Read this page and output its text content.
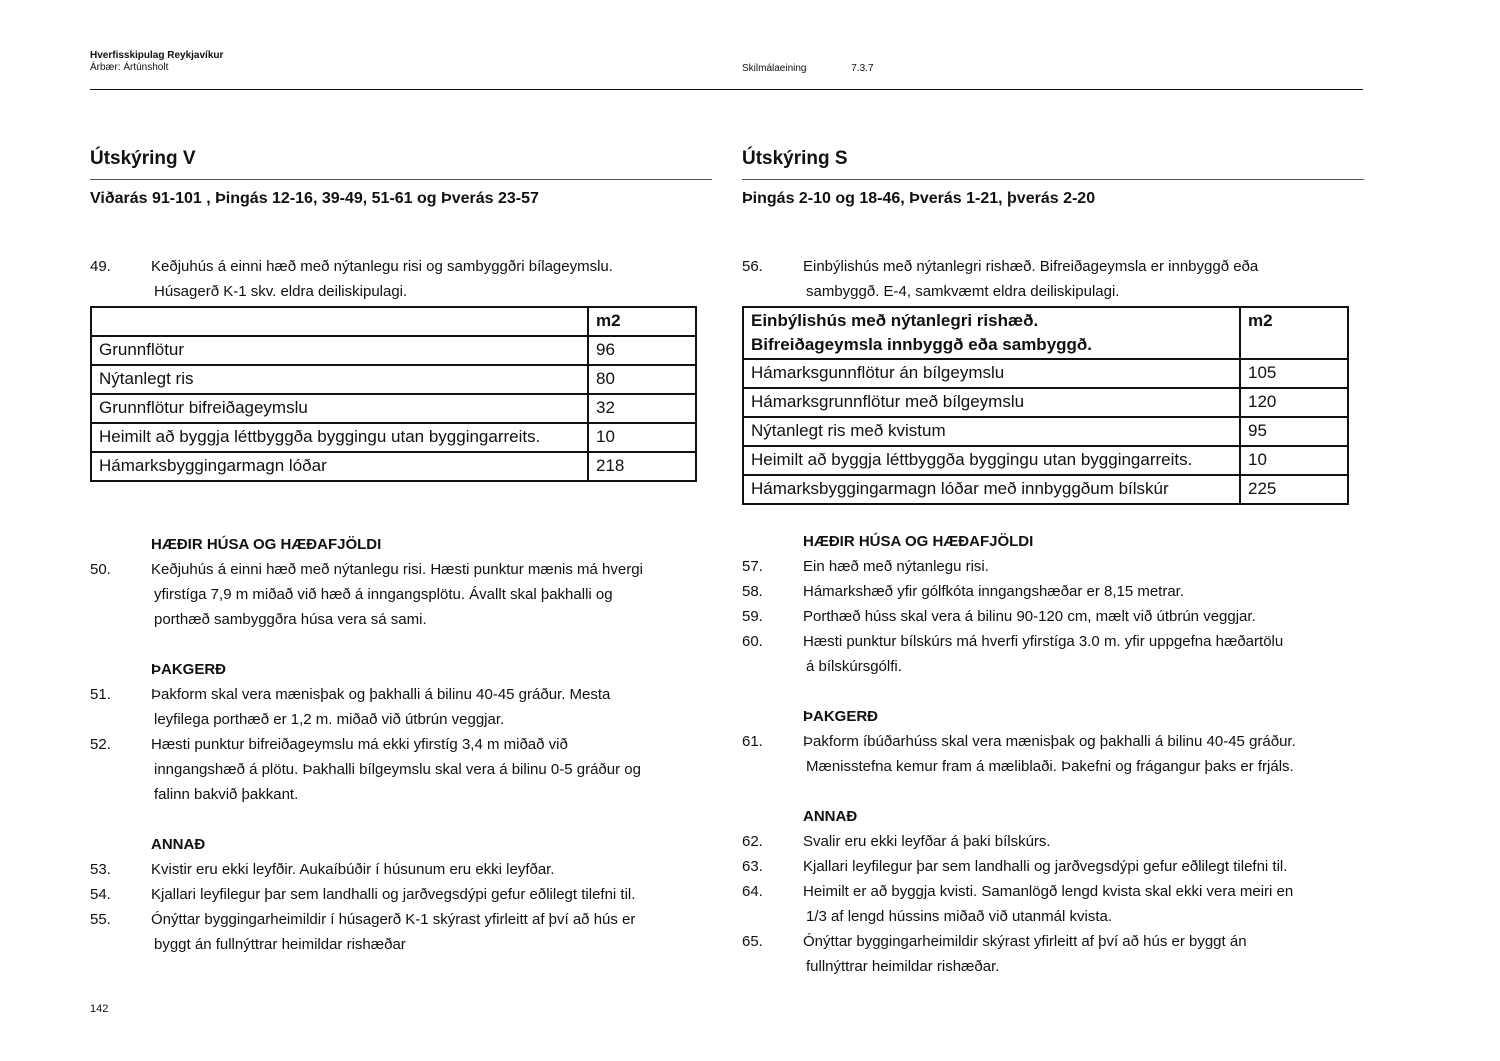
Hverfisskipulag Reykjavíkur
Árbær: Ártúnsholt	Skilmálaeining	7.3.7
Útskýring V
Viðarás 91-101 , Þingás 12-16, 39-49, 51-61 og Þverás 23-57
49.	Keðjuhús á einni hæð með nýtanlegu risi og sambyggðri bílageymslu.
Húsagerð K-1 skv. eldra deiliskipulagi.
	m2
Grunnflötur	96
Nýtanlegt ris	80
Grunnflötur bifreiðageymslu	32
Heimilt að byggja léttbyggða byggingu utan byggingarreits.	10
Hámarksbyggingarmagn lóðar	218
HÆÐIR HÚSA OG HÆÐAFJÖLDI
50.	Keðjuhús á einni hæð með nýtanlegu risi. Hæsti punktur mænis má hvergi
yfirstíga 7,9 m miðað við hæð á inngangsplötu. Ávallt skal þakhalli og
porthæð sambyggðra húsa vera sá sami.
ÞAKGERÐ
51.	Þakform skal vera mænisþak og þakhalli á bilinu 40-45 gráður. Mesta
leyfilega porthæð er 1,2 m. miðað við útbrún veggjar.
52.	Hæsti punktur bifreiðageymslu má ekki yfirstíg 3,4 m miðað við
inngangshæð á plötu. Þakhalli bílgeymslu skal vera á bilinu 0-5 gráður og
falinn bakvið þakkant.
ANNAÐ
53.	Kvistir eru ekki leyfðir. Aukaíbúðir í húsunum eru ekki leyfðar.
54.	Kjallari leyfilegur þar sem landhalli og jarðvegsdýpi gefur eðlilegt tilefni til.
55.	Ónýttar byggingarheimildir í húsagerð K-1 skýrast yfirleitt af því að hús er
byggt án fullnýttrar heimildar rishæðar
Útskýring S
Þingás 2-10 og 18-46, Þverás 1-21, þverás 2-20
56.	Einbýlishús með nýtanlegri rishæð. Bifreiðageymsla er innbyggð eða
sambyggð. E-4, samkvæmt eldra deiliskipulagi.
Einbýlishús með nýtanlegri rishæð.
Bifreiðageymsla innbyggð eða sambyggð.	m2
Hámarksgunnflötur án bílgeymslu	105
Hámarksgrunnflötur með bílgeymslu	120
Nýtanlegt ris með kvistum	95
Heimilt að byggja léttbyggða byggingu utan byggingarreits.	10
Hámarksbyggingarmagn lóðar með innbyggðum bílskúr	225
HÆÐIR HÚSA OG HÆÐAFJÖLDI
57.	Ein hæð með nýtanlegu risi.
58.	Hámarkshæð yfir gólfkóta inngangshæðar er 8,15 metrar.
59.	Porthæð húss skal vera á bilinu 90-120 cm, mælt við útbrún veggjar.
60.	Hæsti punktur bílskúrs má hverfi yfirstíga 3.0 m. yfir uppgefna hæðartölu
á bílskúrsgólfi.
ÞAKGERÐ
61.	Þakform íbúðarhúss skal vera mænisþak og þakhalli á bilinu 40-45 gráður.
Mænisstefna kemur fram á mæliblaði. Þakefni og frágangur þaks er frjáls.
ANNAÐ
62.	Svalir eru ekki leyfðar á þaki bílskúrs.
63.	Kjallari leyfilegur þar sem landhalli og jarðvegsdýpi gefur eðlilegt tilefni til.
64.	Heimilt er að byggja kvisti. Samanlögð lengd kvista skal ekki vera meiri en
1/3 af lengd hússins miðað við utanmál kvista.
65.	Ónýttar byggingarheimildir skýrast yfirleitt af því að hús er byggt án
fullnýttrar heimildar rishæðar.
142
